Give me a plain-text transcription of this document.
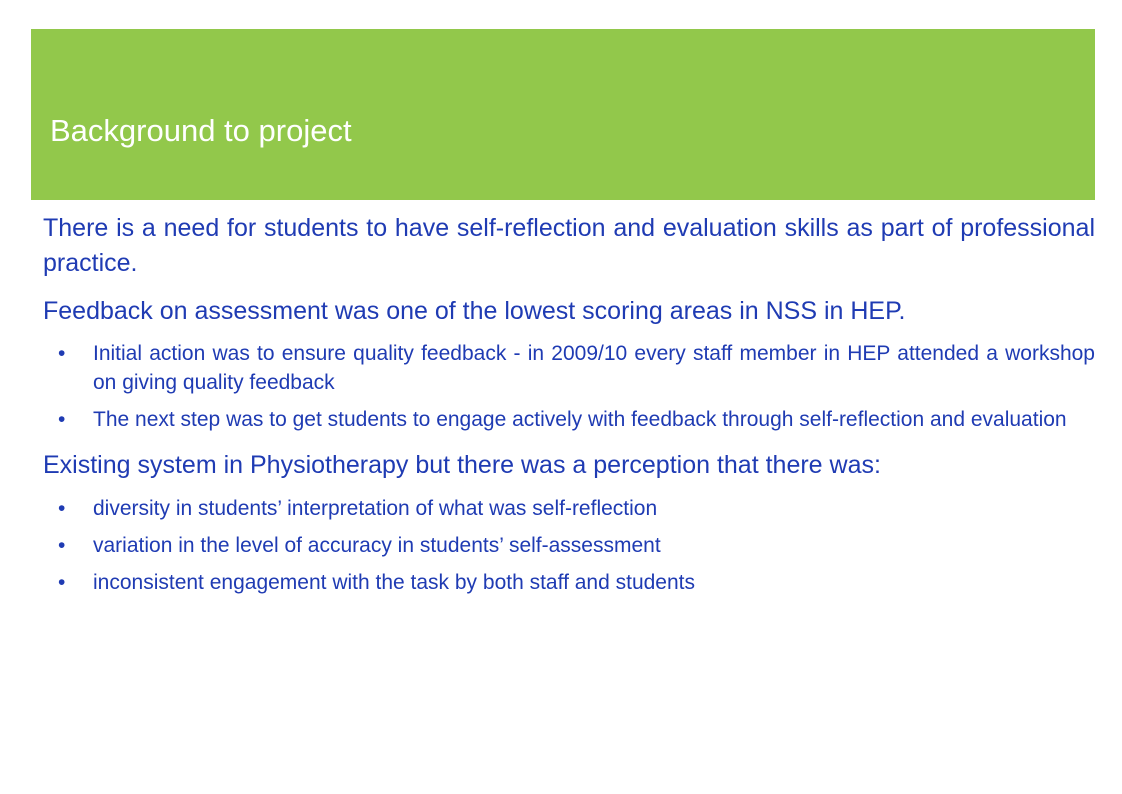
Background to project
There is a need for students to have self-reflection and evaluation skills as part of professional practice.
Feedback on assessment was one of the lowest scoring areas in NSS in HEP.
• Initial action was to ensure quality feedback - in 2009/10 every staff member in HEP attended a workshop on giving quality feedback
• The next step was to get students to engage actively with feedback through self-reflection and evaluation
Existing system in Physiotherapy but there was a perception that there was:
• diversity in students’ interpretation of what was self-reflection
• variation in the level of accuracy in students’ self-assessment
• inconsistent engagement with the task by both staff and students
